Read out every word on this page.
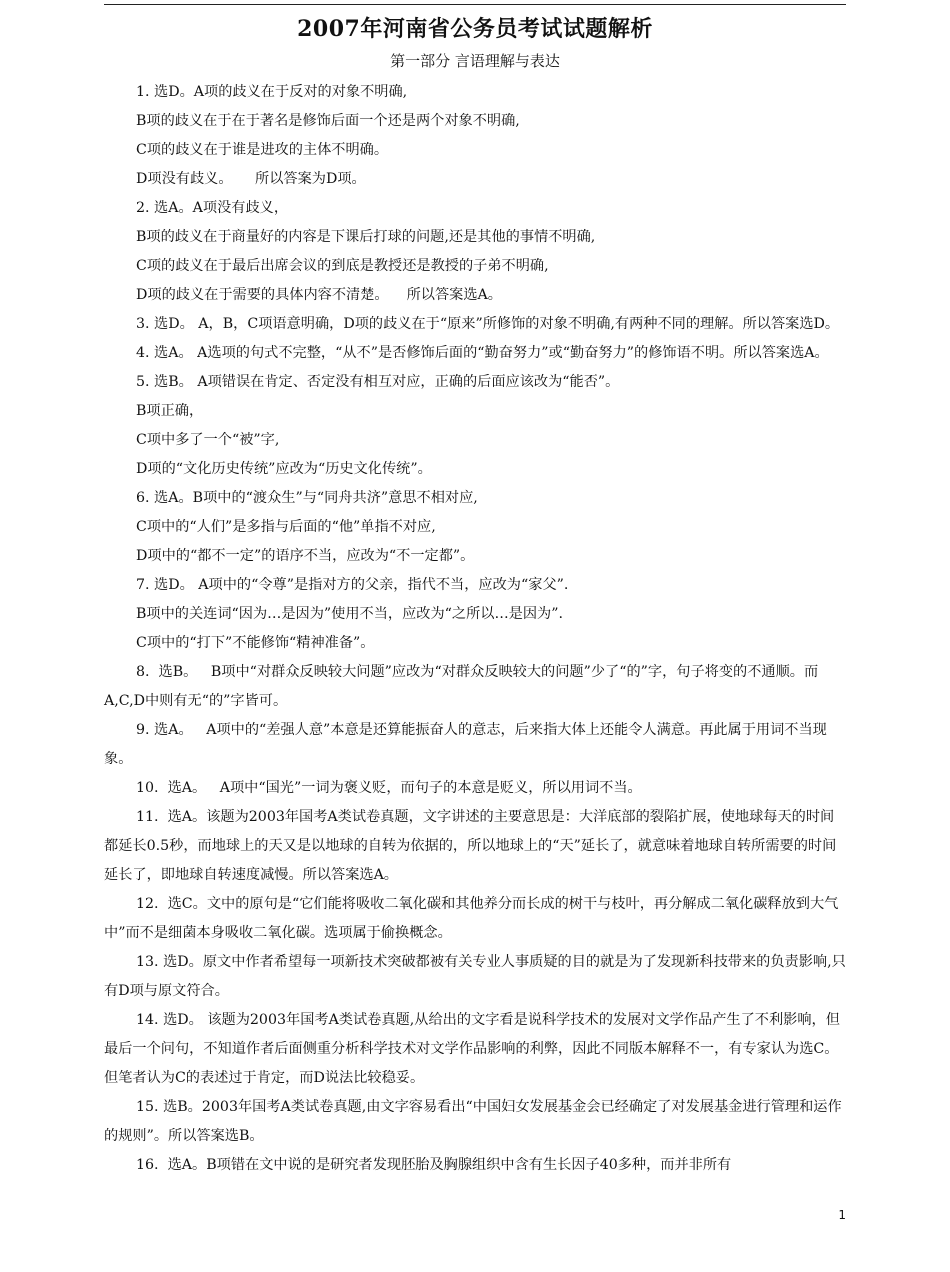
2007年河南省公务员考试试题解析
第一部分 言语理解与表达

1. 选D。A项的歧义在于反对的对象不明确,

B项的歧义在于在于著名是修饰后面一个还是两个对象不明确,

C项的歧义在于谁是进攻的主体不明确。

D项没有歧义。     所以答案为D项。

2. 选A。A项没有歧义，

B项的歧义在于商量好的内容是下课后打球的问题,还是其他的事情不明确,

C项的歧义在于最后出席会议的到底是教授还是教授的子弟不明确,

D项的歧义在于需要的具体内容不清楚。    所以答案选A。

3. 选D。 A，B，C项语意明确，D项的歧义在于“原来”所修饰的对象不明确,有两种不同的理解。所以答案选D。

4. 选A。 A选项的句式不完整，“从不”是否修饰后面的“勤奋努力”或“勤奋努力”的修饰语不明。所以答案选A。

5. 选B。 A项错误在肯定、否定没有相互对应，正确的后面应该改为“能否”。

B项正确，

C项中多了一个“被”字,

D项的“文化历史传统”应改为“历史文化传统”。

6. 选A。B项中的“渡众生”与“同舟共济”意思不相对应,

C项中的“人们”是多指与后面的“他”单指不对应,

D项中的“都不一定”的语序不当，应改为“不一定都”。

7. 选D。 A项中的“令尊”是指对方的父亲，指代不当，应改为“家父”.

B项中的关连词“因为…是因为”使用不当，应改为“之所以…是因为”.

C项中的“打下”不能修饰“精神准备”。

8.  选B。   B项中“对群众反映较大问题”应改为“对群众反映较大的问题”少了“的”字，句子将变的不通顺。而A,C,D中则有无“的”字皆可。

9. 选A。   A项中的“差强人意”本意是还算能振奋人的意志，后来指大体上还能令人满意。再此属于用词不当现象。

10.  选A。   A项中“国光”一词为褒义贬，而句子的本意是贬义，所以用词不当。

11.  选A。该题为2003年国考A类试卷真题，文字讲述的主要意思是：大洋底部的裂陷扩展，使地球每天的时间都延长0.5秒，而地球上的天又是以地球的自转为依据的，所以地球上的“天”延长了，就意味着地球自转所需要的时间延长了，即地球自转速度减慢。所以答案选A。

12.  选C。文中的原句是“它们能将吸收二氧化碳和其他养分而长成的树干与枝叶，再分解成二氧化碳释放到大气中”而不是细菌本身吸收二氧化碳。选项属于偷换概念。

13. 选D。原文中作者希望每一项新技术突破都被有关专业人事质疑的目的就是为了发现新科技带来的负责影响,只有D项与原文符合。

14. 选D。 该题为2003年国考A类试卷真题,从给出的文字看是说科学技术的发展对文学作品产生了不利影响，但最后一个问句，不知道作者后面侧重分析科学技术对文学作品影响的利弊，因此不同版本解释不一，有专家认为选C。但笔者认为C的表述过于肯定，而D说法比较稳妥。

15. 选B。2003年国考A类试卷真题,由文字容易看出“中国妇女发展基金会已经确定了对发展基金进行管理和运作的规则”。所以答案选B。

16.  选A。B项错在文中说的是研究者发现胚胎及胸腺组织中含有生长因子40多种，而并非所有

1
